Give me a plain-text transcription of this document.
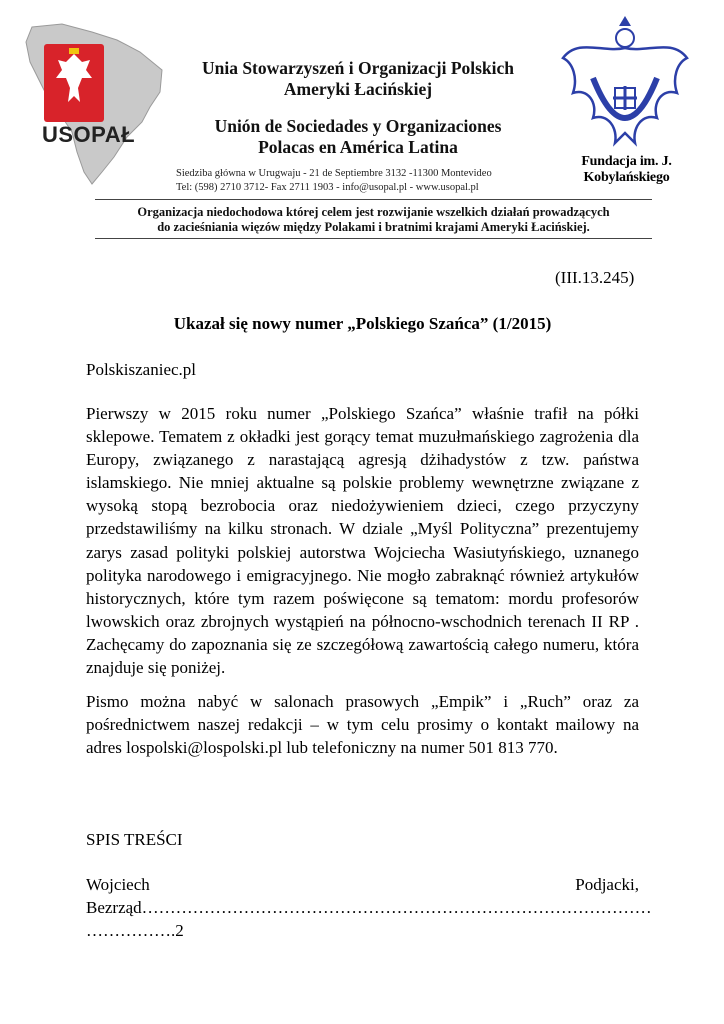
USOPAŁ
Unia Stowarzyszeń i Organizacji Polskich
Ameryki Łacińskiej
Unión de Sociedades y Organizaciones
Polacas en América Latina
Siedziba główna w Urugwaju - 21 de Septiembre 3132 -11300 Montevideo
Tel: (598) 2710 3712- Fax 2711 1903 - info@usopal.pl - www.usopal.pl
Fundacja im. J. Kobylańskiego
Organizacja niedochodowa której celem jest rozwijanie wszelkich działań prowadzących
do zacieśniania więzów między Polakami i bratnimi krajami Ameryki Łacińskiej.
(III.13.245)
Ukazał się nowy numer „Polskiego Szańca” (1/2015)
Polskiszaniec.pl
Pierwszy w 2015 roku numer „Polskiego Szańca” właśnie trafił na półki sklepowe. Tematem z okładki jest gorący temat muzułmańskiego zagrożenia dla Europy, związanego z narastającą agresją dżihadystów z tzw. państwa islamskiego. Nie mniej aktualne są polskie problemy wewnętrzne związane z wysoką stopą bezrobocia oraz niedożywieniem dzieci, czego przyczyny przedstawiliśmy na kilku stronach. W dziale „Myśl Polityczna” prezentujemy zarys zasad polityki polskiej autorstwa Wojciecha Wasiutyńskiego, uznanego polityka narodowego i emigracyjnego. Nie mogło zabraknąć również artykułów historycznych, które tym razem poświęcone są tematom: mordu profesorów lwowskich oraz zbrojnych wystąpień na północno-wschodnich terenach II RP . Zachęcamy do zapoznania się ze szczegółową zawartością całego numeru, która znajduje się poniżej.
Pismo można nabyć w salonach prasowych „Empik” i „Ruch” oraz za pośrednictwem naszej redakcji – w tym celu prosimy o kontakt mailowy na adres lospolski@lospolski.pl lub telefoniczny na numer 501 813 770.
SPIS TREŚCI
Wojciech	Podjacki,
Bezrząd………………………………………………………………………………
…………….2
